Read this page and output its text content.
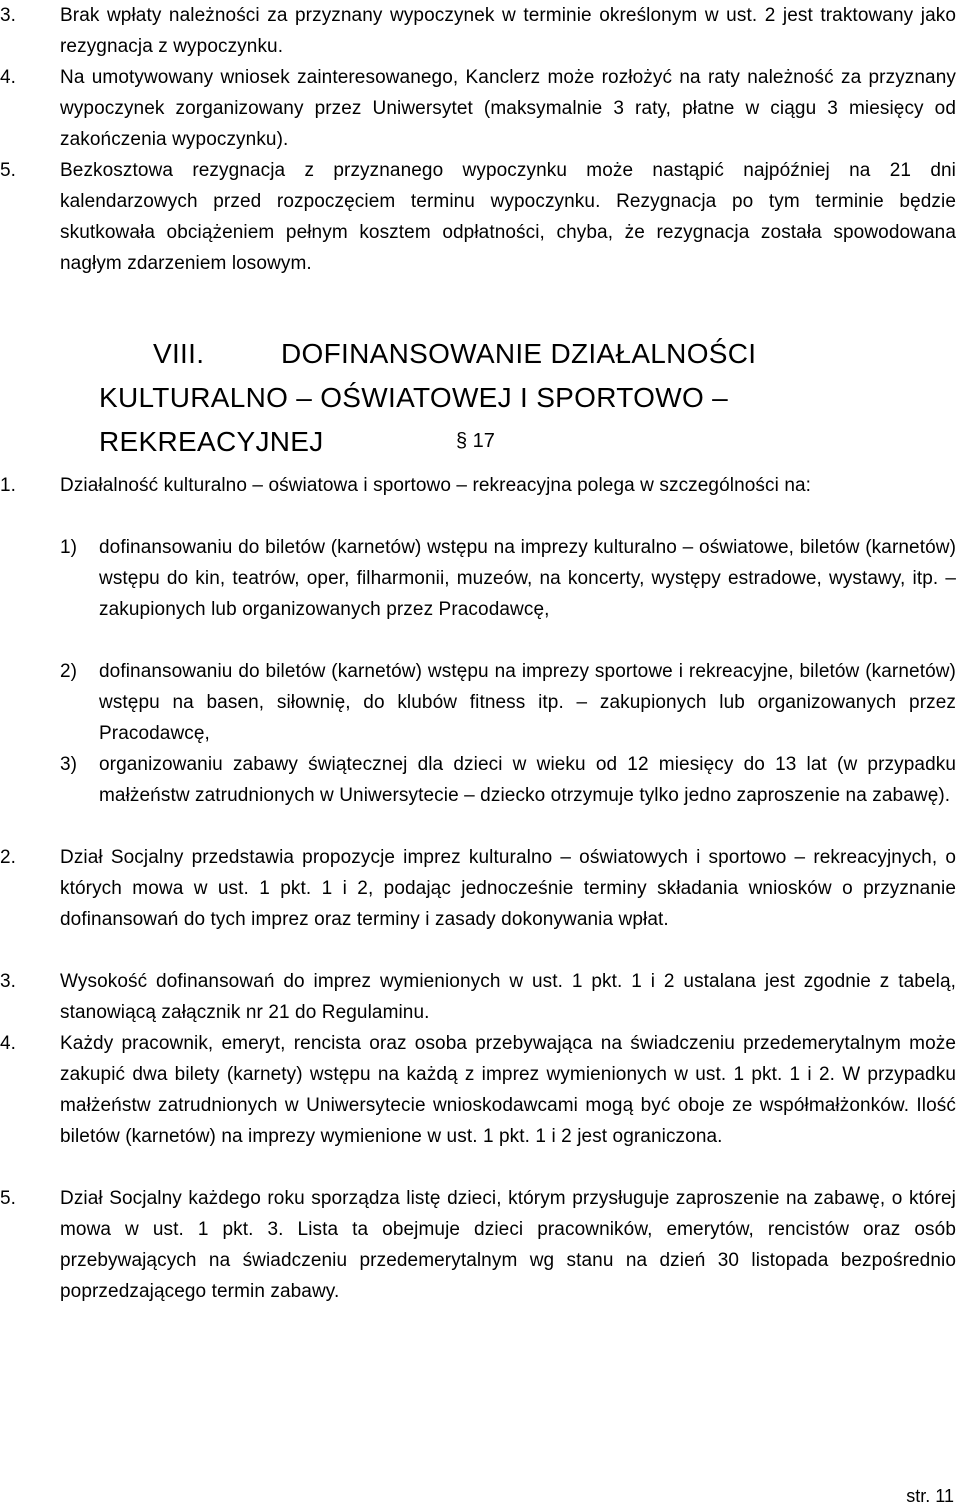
3. Brak wpłaty należności za przyznany wypoczynek w terminie określonym w ust. 2 jest traktowany jako rezygnacja z wypoczynku.
4. Na umotywowany wniosek zainteresowanego, Kanclerz może rozłożyć na raty należność za przyznany wypoczynek zorganizowany przez Uniwersytet (maksymalnie 3 raty, płatne w ciągu 3 miesięcy od zakończenia wypoczynku).
5. Bezkosztowa rezygnacja z przyznanego wypoczynku może nastąpić najpóźniej na 21 dni kalendarzowych przed rozpoczęciem terminu wypoczynku. Rezygnacja po tym terminie będzie skutkowała obciążeniem pełnym kosztem odpłatności, chyba, że rezygnacja została spowodowana nagłym zdarzeniem losowym.
VIII.	DOFINANSOWANIE DZIAŁALNOŚCI
KULTURALNO – OŚWIATOWEJ I SPORTOWO – REKREACYJNEJ	§ 17
1. Działalność kulturalno – oświatowa i sportowo – rekreacyjna polega w szczególności na:
1) dofinansowaniu do biletów (karnetów) wstępu na imprezy kulturalno – oświatowe, biletów (karnetów) wstępu do kin, teatrów, oper, filharmonii, muzeów, na koncerty, występy estradowe, wystawy, itp. – zakupionych lub organizowanych przez Pracodawcę,
2) dofinansowaniu do biletów (karnetów) wstępu na imprezy sportowe i rekreacyjne, biletów (karnetów) wstępu na basen, siłownię, do klubów fitness itp. – zakupionych lub organizowanych przez Pracodawcę,
3) organizowaniu zabawy świątecznej dla dzieci w wieku od 12 miesięcy do 13 lat (w przypadku małżeństw zatrudnionych w Uniwersytecie – dziecko otrzymuje tylko jedno zaproszenie na zabawę).
2. Dział Socjalny przedstawia propozycje imprez kulturalno – oświatowych i sportowo – rekreacyjnych, o których mowa w ust. 1 pkt. 1 i 2, podając jednocześnie terminy składania wniosków o przyznanie dofinansowań do tych imprez oraz terminy i zasady dokonywania wpłat.
3. Wysokość dofinansowań do imprez wymienionych w ust. 1 pkt. 1 i 2 ustalana jest zgodnie z tabelą, stanowiącą załącznik nr 21 do Regulaminu.
4. Każdy pracownik, emeryt, rencista oraz osoba przebywająca na świadczeniu przedemerytalnym może zakupić dwa bilety (karnety) wstępu na każdą z imprez wymienionych w ust. 1 pkt. 1 i 2. W przypadku małżeństw zatrudnionych w Uniwersytecie wnioskodawcami mogą być oboje ze współmałżonków. Ilość biletów (karnetów) na imprezy wymienione w ust. 1 pkt. 1 i 2 jest ograniczona.
5. Dział Socjalny każdego roku sporządza listę dzieci, którym przysługuje zaproszenie na zabawę, o której mowa w ust. 1 pkt. 3. Lista ta obejmuje dzieci pracowników, emerytów, rencistów oraz osób przebywających na świadczeniu przedemerytalnym wg stanu na dzień 30 listopada bezpośrednio poprzedzającego termin zabawy.
str. 11
